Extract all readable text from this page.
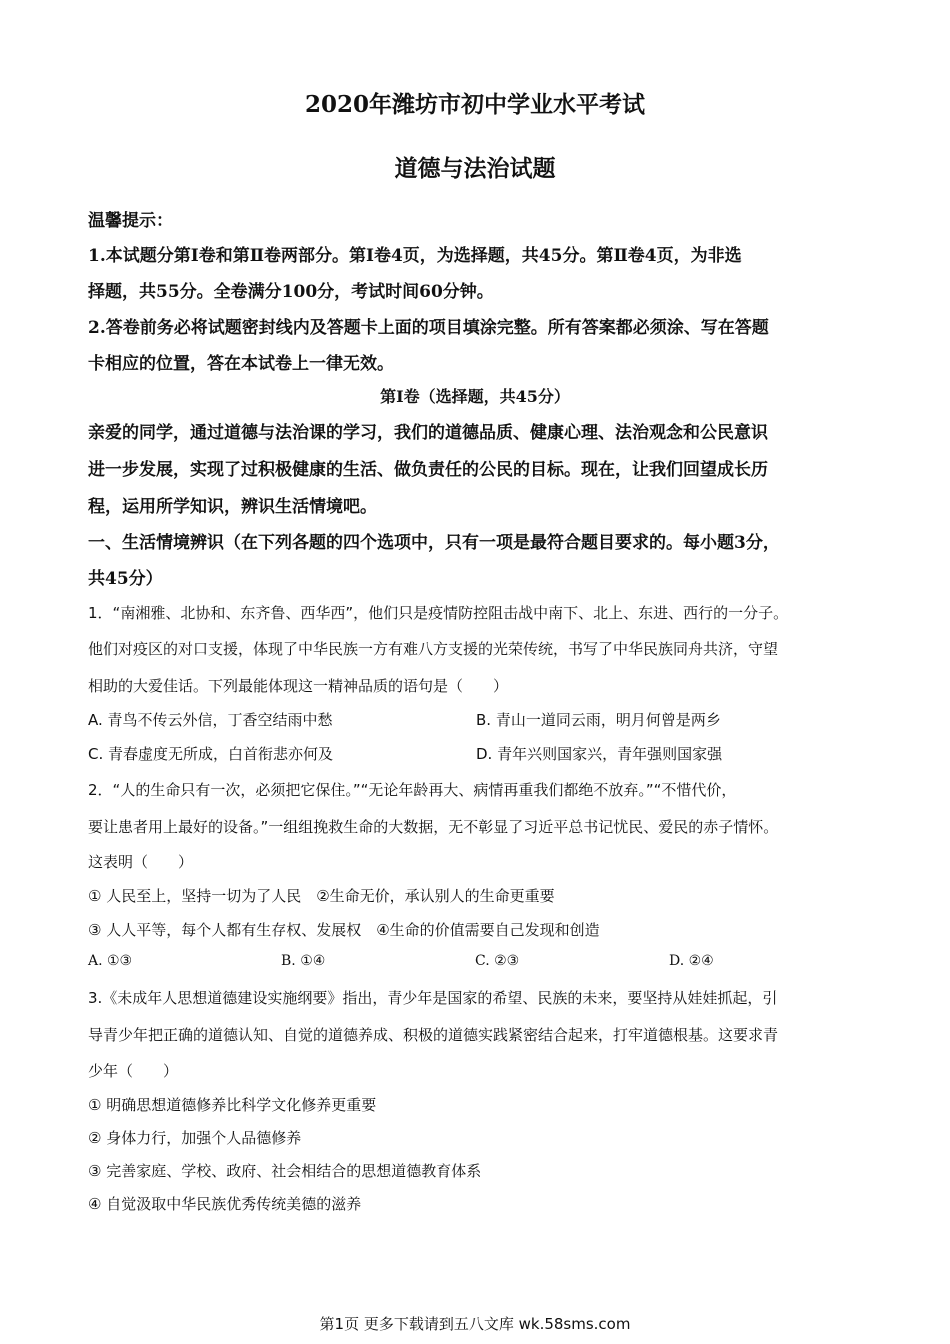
2020年潍坊市初中学业水平考试
道德与法治试题
温馨提示：
1.本试题分第Ⅰ卷和第Ⅱ卷两部分。第Ⅰ卷4页，为选择题，共45分。第Ⅱ卷4页，为非选
择题，共55分。全卷满分100分，考试时间60分钟。
2.答卷前务必将试题密封线内及答题卡上面的项目填涂完整。所有答案都必须涂、写在答题
卡相应的位置，答在本试卷上一律无效。
第Ⅰ卷（选择题，共45分）
亲爱的同学，通过道德与法治课的学习，我们的道德品质、健康心理、法治观念和公民意识
进一步发展，实现了过积极健康的生活、做负责任的公民的目标。现在，让我们回望成长历
程，运用所学知识，辨识生活情境吧。
一、生活情境辨识（在下列各题的四个选项中，只有一项是最符合题目要求的。每小题3分，
共45分）
1．“南湘雅、北协和、东齐鲁、西华西”，他们只是疫情防控阻击战中南下、北上、东进、西行的一分子。
他们对疫区的对口支援，体现了中华民族一方有难八方支援的光荣传统，书写了中华民族同舟共济，守望
相助的大爱佳话。下列最能体现这一精神品质的语句是（　　）
A. 青鸟不传云外信，丁香空结雨中愁	B. 青山一道同云雨，明月何曾是两乡
C. 青春虚度无所成，白首衔悲亦何及	D. 青年兴则国家兴，青年强则国家强
2．“人的生命只有一次，必须把它保住。”“无论年龄再大、病情再重我们都绝不放弃。”“不惜代价，
要让患者用上最好的设备。”一组组挽救生命的大数据，无不彰显了习近平总书记忧民、爱民的赤子情怀。
这表明（　　）
① 人民至上，坚持一切为了人民　②生命无价，承认别人的生命更重要
③ 人人平等，每个人都有生存权、发展权　④生命的价值需要自己发现和创造
A. ①③	B. ①④	C. ②③	D. ②④
3.《未成年人思想道德建设实施纲要》指出，青少年是国家的希望、民族的未来，要坚持从娃娃抓起，引
导青少年把正确的道德认知、自觉的道德养成、积极的道德实践紧密结合起来，打牢道德根基。这要求青
少年（　　）
① 明确思想道德修养比科学文化修养更重要
② 身体力行，加强个人品德修养
③ 完善家庭、学校、政府、社会相结合的思想道德教育体系
④ 自觉汲取中华民族优秀传统美德的滋养
第1页 更多下载请到五八文库 wk.58sms.com
